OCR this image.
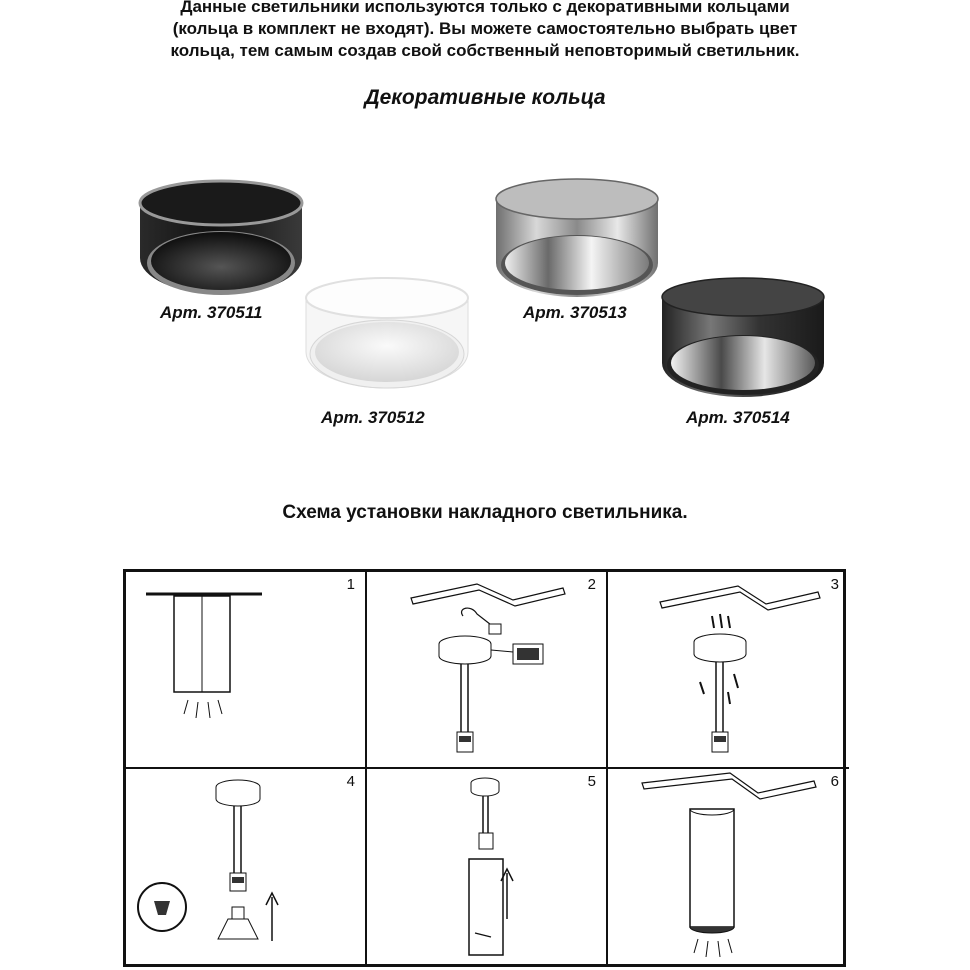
Данные светильники используются только с декоративными кольцами
(кольца в комплект не входят). Вы можете самостоятельно выбрать цвет
кольца, тем самым создав свой собственный неповторимый светильник.
Декоративные кольца
Арт. 370511
Арт. 370512
Арт. 370513
Арт. 370514
Схема установки накладного светильника.
1	2	3
4	5	6
